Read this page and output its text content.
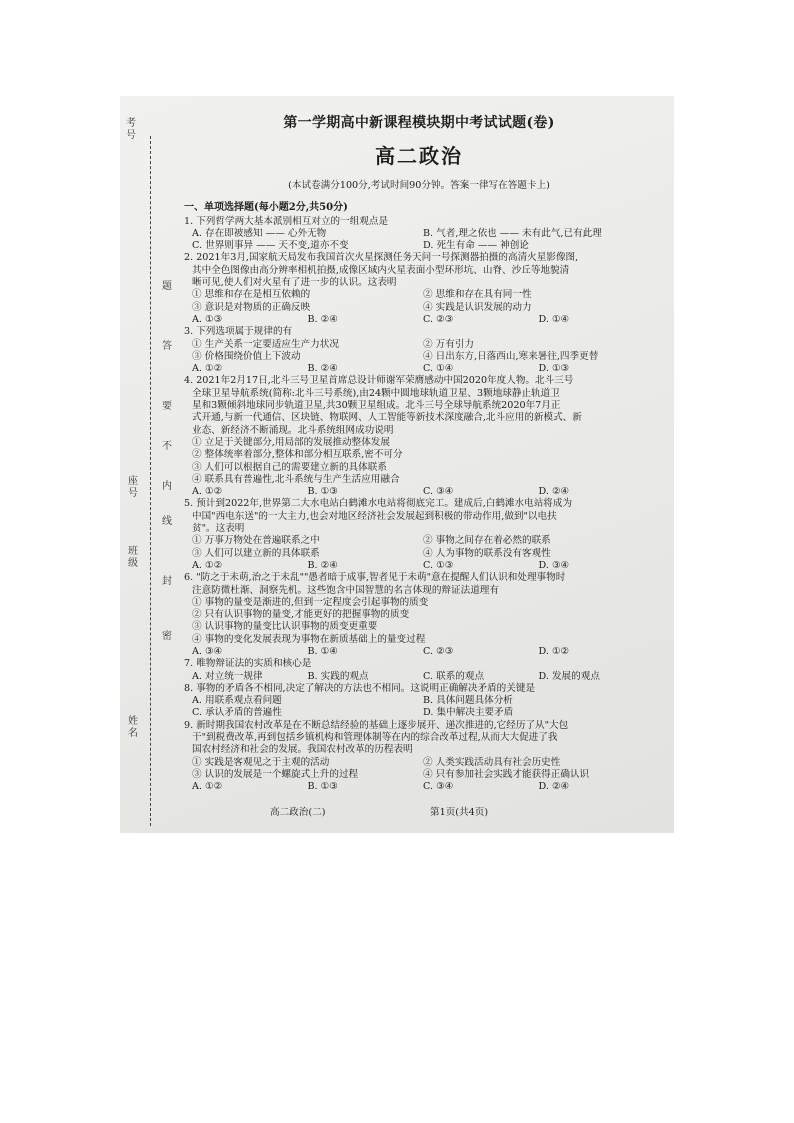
考号
题
答
要
不
内
线
封
密
座号
班级
姓名
第一学期高中新课程模块期中考试试题(卷)
高二政治
(本试卷满分100分,考试时间90分钟。答案一律写在答题卡上)
一、单项选择题(每小题2分,共50分)
1. 下列哲学两大基本派别相互对立的一组观点是
A. 存在即被感知 —— 心外无物	B. 气者,理之依也 —— 未有此气,已有此理
C. 世界则事异 —— 天不变,道亦不变	D. 死生有命 —— 神创论
2. 2021年3月,国家航天局发布我国首次火星探测任务天问一号探测器拍摄的高清火星影像图,
其中全色图像由高分辨率相机拍摄,成像区域内火星表面小型环形坑、山脊、沙丘等地貌清
晰可见,使人们对火星有了进一步的认识。这表明
① 思维和存在是相互依赖的	② 思维和存在具有同一性
③ 意识是对物质的正确反映	④ 实践是认识发展的动力
A. ①③	B. ②④	C. ②③	D. ①④
3. 下列选项属于规律的有
① 生产关系一定要适应生产力状况	② 万有引力
③ 价格围绕价值上下波动	④ 日出东方,日落西山,寒来暑往,四季更替
A. ①②	B. ②④	C. ①④	D. ①③
4. 2021年2月17日,北斗三号卫星首席总设计师谢军荣膺感动中国2020年度人物。北斗三号
全球卫星导航系统(简称:北斗三号系统),由24颗中圆地球轨道卫星、3颗地球静止轨道卫
星和3颗倾斜地球同步轨道卫星,共30颗卫星组成。北斗三号全球导航系统2020年7月正
式开通,与新一代通信、区块链、物联网、人工智能等新技术深度融合,北斗应用的新模式、新
业态、新经济不断涌现。北斗系统组网成功说明
① 立足于关键部分,用局部的发展推动整体发展
② 整体统率着部分,整体和部分相互联系,密不可分
③ 人们可以根据自己的需要建立新的具体联系
④ 联系具有普遍性,北斗系统与生产生活应用融合
A. ①②	B. ①③	C. ③④	D. ②④
5. 预计到2022年,世界第二大水电站白鹤滩水电站将彻底完工。建成后,白鹤滩水电站将成为
中国"西电东送"的一大主力,也会对地区经济社会发展起到积极的带动作用,做到"以电扶
贫"。这表明
① 万事万物处在普遍联系之中	② 事物之间存在着必然的联系
③ 人们可以建立新的具体联系	④ 人为事物的联系没有客观性
A. ①②	B. ②④	C. ①③	D. ③④
6. "防之于未萌,治之于未乱""愚者暗于成事,智者见于未萌"意在提醒人们认识和处理事物时
注意防微杜渐、洞察先机。这些饱含中国智慧的名言体现的辩证法道理有
① 事物的量变是渐进的,但到一定程度会引起事物的质变
② 只有认识事物的量变,才能更好的把握事物的质变
③ 认识事物的量变比认识事物的质变更重要
④ 事物的变化发展表现为事物在新质基础上的量变过程
A. ③④	B. ①④	C. ②③	D. ①②
7. 唯物辩证法的实质和核心是
A. 对立统一规律	B. 实践的观点	C. 联系的观点	D. 发展的观点
8. 事物的矛盾各不相同,决定了解决的方法也不相同。这说明正确解决矛盾的关键是
A. 用联系观点看问题	B. 具体问题具体分析
C. 承认矛盾的普遍性	D. 集中解决主要矛盾
9. 新时期我国农村改革是在不断总结经验的基础上逐步展开、递次推进的,它经历了从"大包
干"到税费改革,再到包括乡镇机构和管理体制等在内的综合改革过程,从而大大促进了我
国农村经济和社会的发展。我国农村改革的历程表明
① 实践是客观见之于主观的活动	② 人类实践活动具有社会历史性
③ 认识的发展是一个螺旋式上升的过程	④ 只有参加社会实践才能获得正确认识
A. ①②	B. ①③	C. ③④	D. ②④
高二政治(二)	第1页(共4页)
